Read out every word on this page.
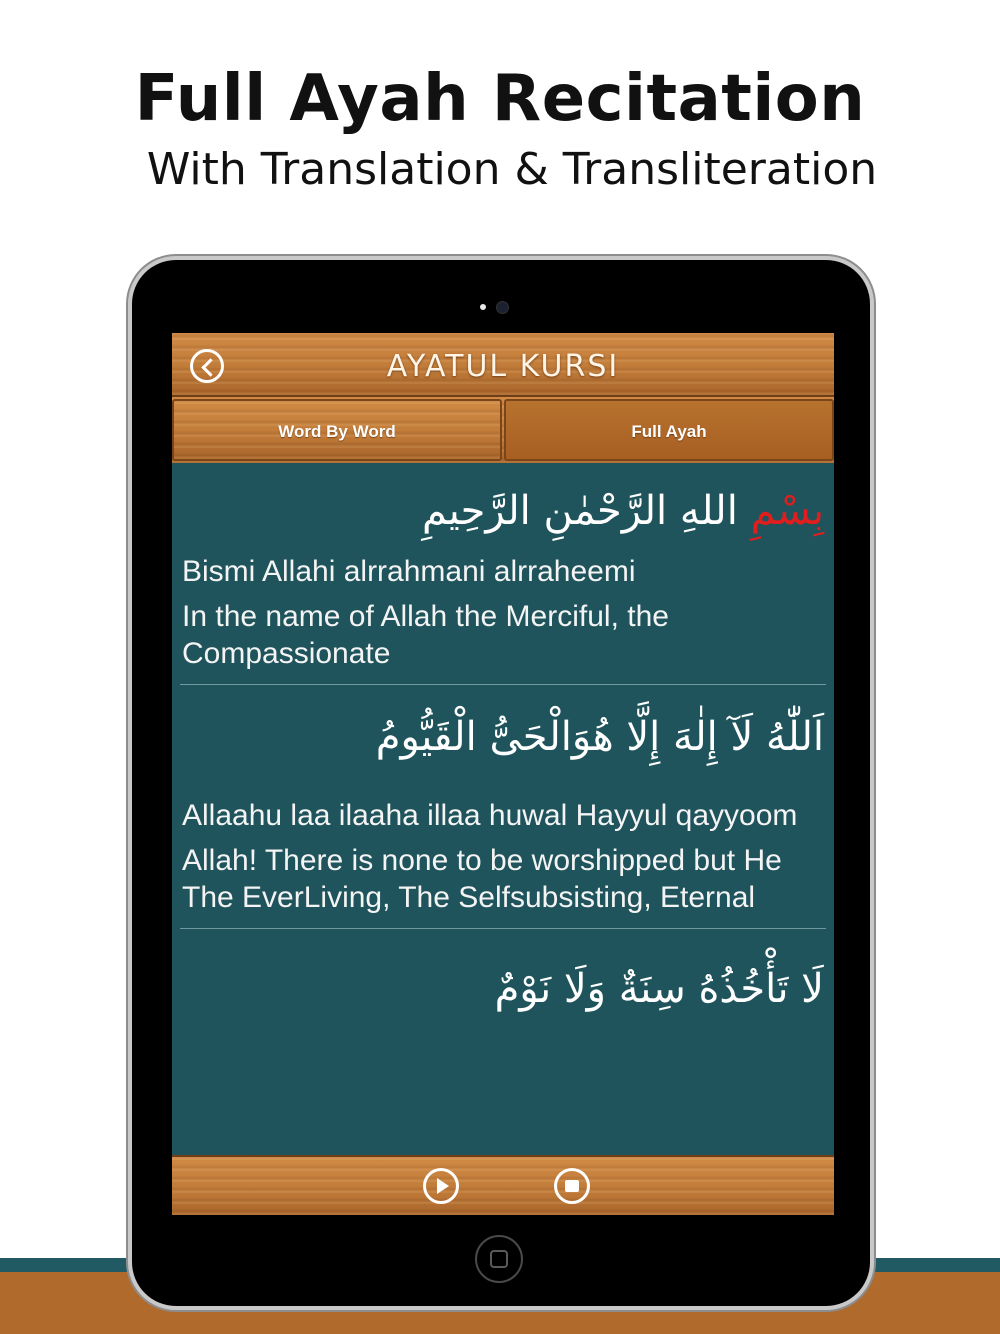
Full Ayah Recitation
With Translation & Transliteration
AYATUL KURSI
Word By Word	Full Ayah
بِسْمِ اللهِ الرَّحْمٰنِ الرَّحِيمِ
Bismi Allahi alrrahmani alrraheemi
In the name of Allah the Merciful, the Compassionate
اَللّٰهُ لَآ إِلٰهَ إِلَّا هُوَالْحَىُّ الْقَيُّومُ
Allaahu laa ilaaha illaa huwal Hayyul qayyoom
Allah! There is none to be worshipped but He The EverLiving, The Selfsubsisting, Eternal
لَا تَأْخُذُهُ سِنَةٌ وَلَا نَوْمٌ
